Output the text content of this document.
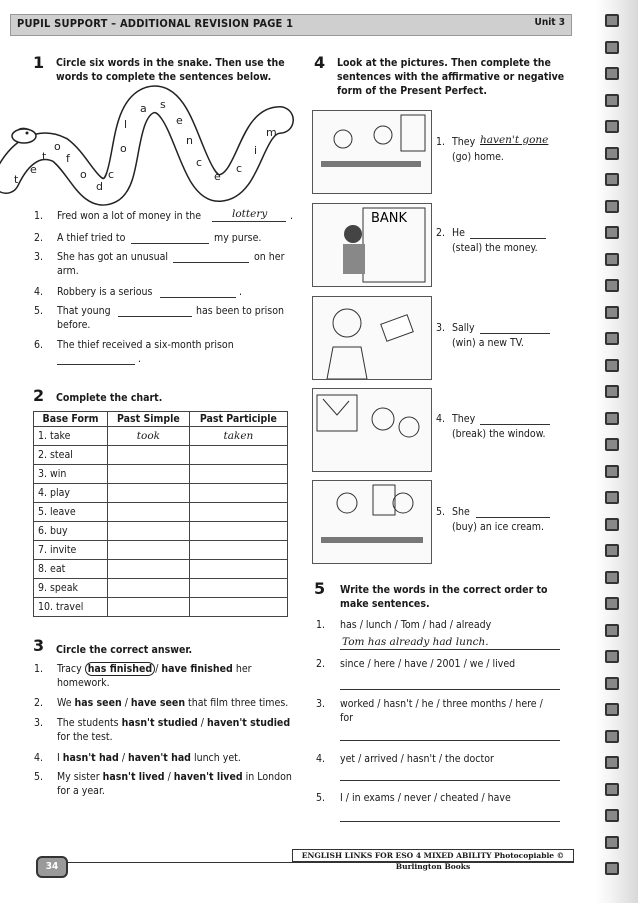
PUPIL SUPPORT – ADDITIONAL REVISION PAGE 1	Unit 3
1 Circle six words in the snake. Then use the words to complete the sentences below.
tet ofo dco la s enc eci m
1. Fred won a lot of money in the	lottery .
2. A thief tried to	my purse.
3. She has got an unusual	on her
arm.
4. Robbery is a serious	.
5. That young	has been to prison
before.
6. The thief received a six-month prison
.
2 Complete the chart.
Base Form	Past Simple	Past Participle
1. take	took	taken
2. steal		
3. win		
4. play		
5. leave		
6. buy		
7. invite		
8. eat		
9. speak		
10. travel		
3 Circle the correct answer.
1. Tracy has finished / have finished her
homework.
2. We has seen / have seen that film three times.
3. The students hasn't studied / haven't studied
for the test.
4. I hasn't had / haven't had lunch yet.
5. My sister hasn't lived / haven't lived in London
for a year.
4 Look at the pictures. Then complete the sentences with the affirmative or negative form of the Present Perfect.
BANK
1. They haven't gone
(go) home.
2. He
(steal) the money.
3. Sally
(win) a new TV.
4. They
(break) the window.
5. She
(buy) an ice cream.
5 Write the words in the correct order to make sentences.
1. has / lunch / Tom / had / already
Tom has already had lunch.
2. since / here / have / 2001 / we / lived
3. worked / hasn't / he / three months / here /
for
4. yet / arrived / hasn't / the doctor
5. I / in exams / never / cheated / have
34
ENGLISH LINKS FOR ESO 4 MIXED ABILITY Photocopiable © Burlington Books
